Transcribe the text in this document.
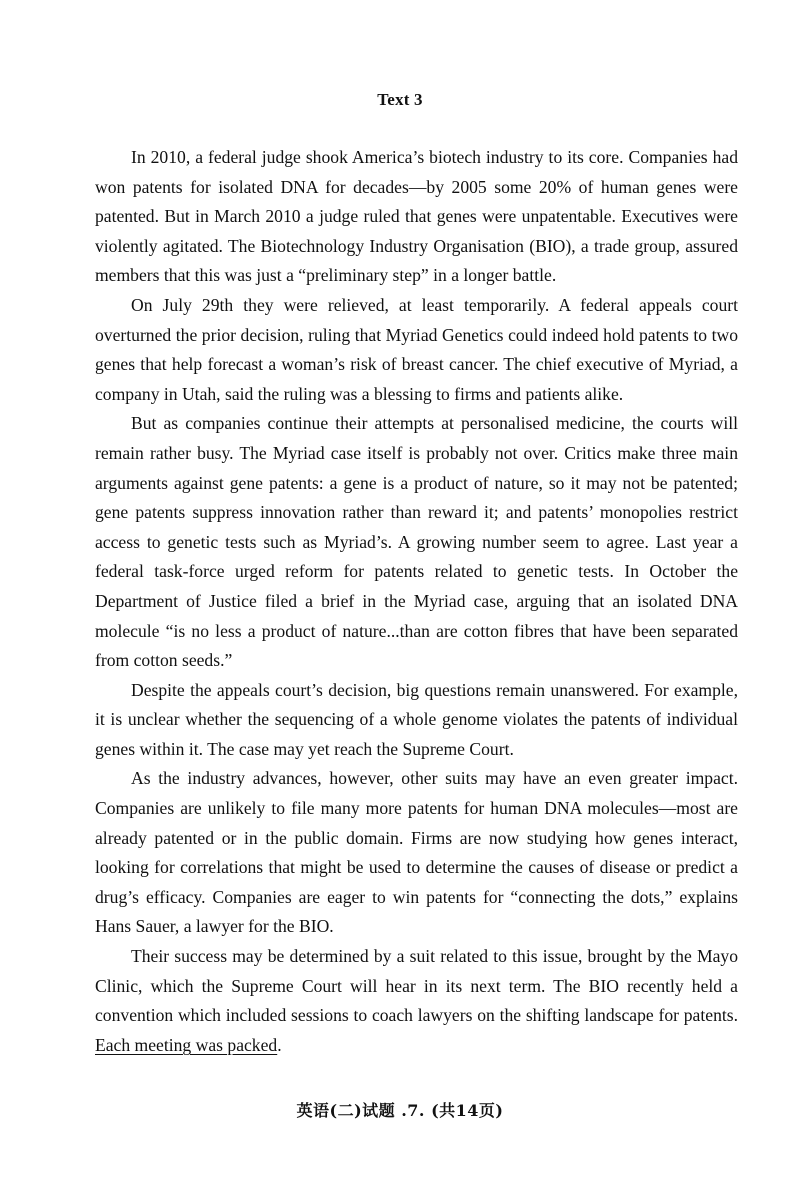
Text 3

In 2010, a federal judge shook America’s biotech industry to its core. Companies had won patents for isolated DNA for decades—by 2005 some 20% of human genes were patented. But in March 2010 a judge ruled that genes were unpatentable. Executives were violently agitated. The Biotechnology Industry Organisation (BIO), a trade group, assured members that this was just a “preliminary step” in a longer battle.

On July 29th they were relieved, at least temporarily. A federal appeals court overturned the prior decision, ruling that Myriad Genetics could indeed hold patents to two genes that help forecast a woman’s risk of breast cancer. The chief executive of Myriad, a company in Utah, said the ruling was a blessing to firms and patients alike.

But as companies continue their attempts at personalised medicine, the courts will remain rather busy. The Myriad case itself is probably not over. Critics make three main arguments against gene patents: a gene is a product of nature, so it may not be patented; gene patents suppress innovation rather than reward it; and patents’ monopolies restrict access to genetic tests such as Myriad’s. A growing number seem to agree. Last year a federal task-force urged reform for patents related to genetic tests. In October the Department of Justice filed a brief in the Myriad case, arguing that an isolated DNA molecule “is no less a product of nature...than are cotton fibres that have been separated from cotton seeds.”

Despite the appeals court’s decision, big questions remain unanswered. For example, it is unclear whether the sequencing of a whole genome violates the patents of individual genes within it. The case may yet reach the Supreme Court.

As the industry advances, however, other suits may have an even greater impact. Companies are unlikely to file many more patents for human DNA molecules—most are already patented or in the public domain. Firms are now studying how genes interact, looking for correlations that might be used to determine the causes of disease or predict a drug’s efficacy. Companies are eager to win patents for “connecting the dots,” explains Hans Sauer, a lawyer for the BIO.

Their success may be determined by a suit related to this issue, brought by the Mayo Clinic, which the Supreme Court will hear in its next term. The BIO recently held a convention which included sessions to coach lawyers on the shifting landscape for patents. Each meeting was packed.

英语(二)试题 .7. (共14页)
